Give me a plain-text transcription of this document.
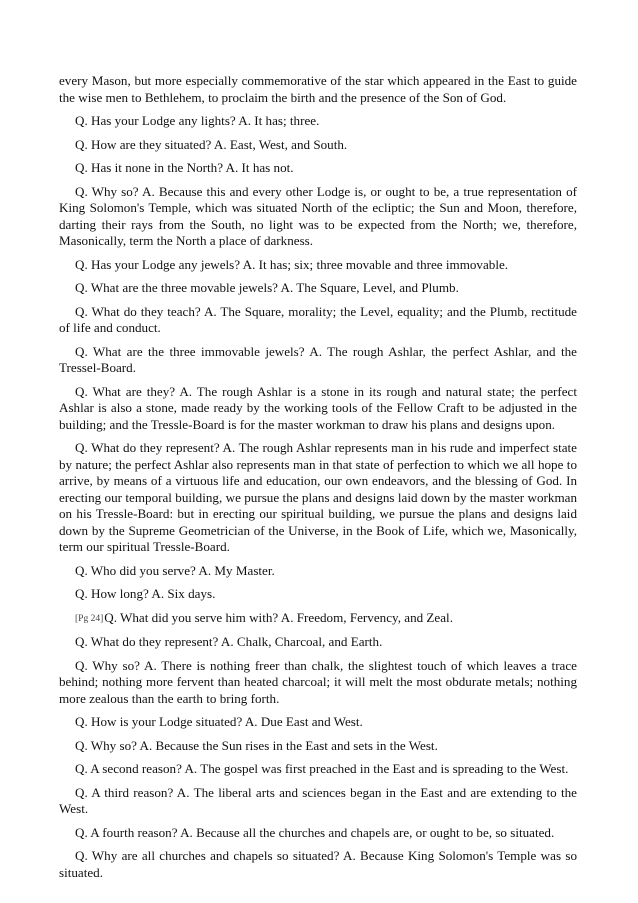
every Mason, but more especially commemorative of the star which appeared in the East to guide the wise men to Bethlehem, to proclaim the birth and the presence of the Son of God.

Q. Has your Lodge any lights? A. It has; three.

Q. How are they situated? A. East, West, and South.

Q. Has it none in the North? A. It has not.

Q. Why so? A. Because this and every other Lodge is, or ought to be, a true representation of King Solomon's Temple, which was situated North of the ecliptic; the Sun and Moon, therefore, darting their rays from the South, no light was to be expected from the North; we, therefore, Masonically, term the North a place of darkness.

Q. Has your Lodge any jewels? A. It has; six; three movable and three immovable.

Q. What are the three movable jewels? A. The Square, Level, and Plumb.

Q. What do they teach? A. The Square, morality; the Level, equality; and the Plumb, rectitude of life and conduct.

Q. What are the three immovable jewels? A. The rough Ashlar, the perfect Ashlar, and the Tressel-Board.

Q. What are they? A. The rough Ashlar is a stone in its rough and natural state; the perfect Ashlar is also a stone, made ready by the working tools of the Fellow Craft to be adjusted in the building; and the Tressle-Board is for the master workman to draw his plans and designs upon.

Q. What do they represent? A. The rough Ashlar represents man in his rude and imperfect state by nature; the perfect Ashlar also represents man in that state of perfection to which we all hope to arrive, by means of a virtuous life and education, our own endeavors, and the blessing of God. In erecting our temporal building, we pursue the plans and designs laid down by the master workman on his Tressle-Board: but in erecting our spiritual building, we pursue the plans and designs laid down by the Supreme Geometrician of the Universe, in the Book of Life, which we, Masonically, term our spiritual Tressle-Board.

Q. Who did you serve? A. My Master.

Q. How long? A. Six days.

[Pg 24]Q. What did you serve him with? A. Freedom, Fervency, and Zeal.

Q. What do they represent? A. Chalk, Charcoal, and Earth.

Q. Why so? A. There is nothing freer than chalk, the slightest touch of which leaves a trace behind; nothing more fervent than heated charcoal; it will melt the most obdurate metals; nothing more zealous than the earth to bring forth.

Q. How is your Lodge situated? A. Due East and West.

Q. Why so? A. Because the Sun rises in the East and sets in the West.

Q. A second reason? A. The gospel was first preached in the East and is spreading to the West.

Q. A third reason? A. The liberal arts and sciences began in the East and are extending to the West.

Q. A fourth reason? A. Because all the churches and chapels are, or ought to be, so situated.

Q. Why are all churches and chapels so situated? A. Because King Solomon's Temple was so situated.
